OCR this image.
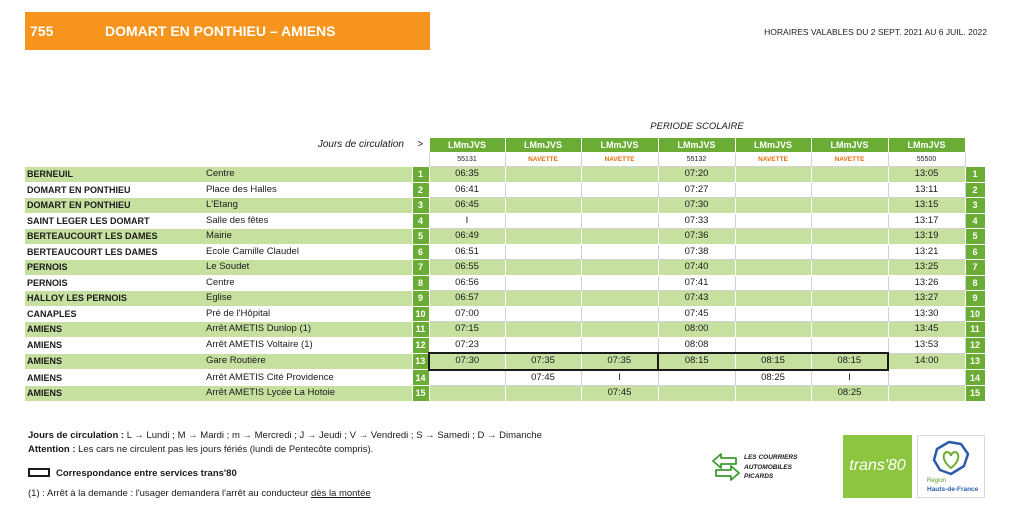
755	DOMART EN PONTHIEU – AMIENS	HORAIRES VALABLES DU 2 SEPT. 2021 AU 6 JUIL. 2022
PERIODE SCOLAIRE
	Jours de circulation	>	LMmJVS	LMmJVS	LMmJVS	LMmJVS	LMmJVS	LMmJVS	LMmJVS	
			55131	NAVETTE	NAVETTE	55132	NAVETTE	NAVETTE	55500	
BERNEUIL	Centre	1	06:35			07:20			13:05	1
DOMART EN PONTHIEU	Place des Halles	2	06:41			07:27			13:11	2
DOMART EN PONTHIEU	L'Etang	3	06:45			07:30			13:15	3
SAINT LEGER LES DOMART	Salle des fêtes	4	I			07:33			13:17	4
BERTEAUCOURT LES DAMES	Mairie	5	06:49			07:36			13:19	5
BERTEAUCOURT LES DAMES	Ecole Camille Claudel	6	06:51			07:38			13:21	6
PERNOIS	Le Soudet	7	06:55			07:40			13:25	7
PERNOIS	Centre	8	06:56			07:41			13:26	8
HALLOY LES PERNOIS	Eglise	9	06:57			07:43			13:27	9
CANAPLES	Pré de l'Hôpital	10	07:00			07:45			13:30	10
AMIENS	Arrêt AMETIS Dunlop (1)	11	07:15			08:00			13:45	11
AMIENS	Arrêt AMETIS Voltaire (1)	12	07:23			08:08			13:53	12
AMIENS	Gare Routière	13	07:30	07:35	07:35	08:15	08:15	08:15	14:00	13
AMIENS	Arrêt AMETIS Cité Providence	14		07:45	I		08:25	I		14
AMIENS	Arrêt AMETIS Lycée La Hotoie	15			07:45			08:25		15
Jours de circulation : L → Lundi ; M → Mardi ; m → Mercredi ; J → Jeudi ; V → Vendredi ; S → Samedi ; D → Dimanche
Attention : Les cars ne circulent pas les jours fériés (lundi de Pentecôte compris).
Correspondance entre services trans'80
(1) : Arrêt à la demande : l'usager demandera l'arrêt au conducteur dès la montée
LES COURRIERS
AUTOMOBILES
PICARDS
trans'80
Région
Hauts-de-France
